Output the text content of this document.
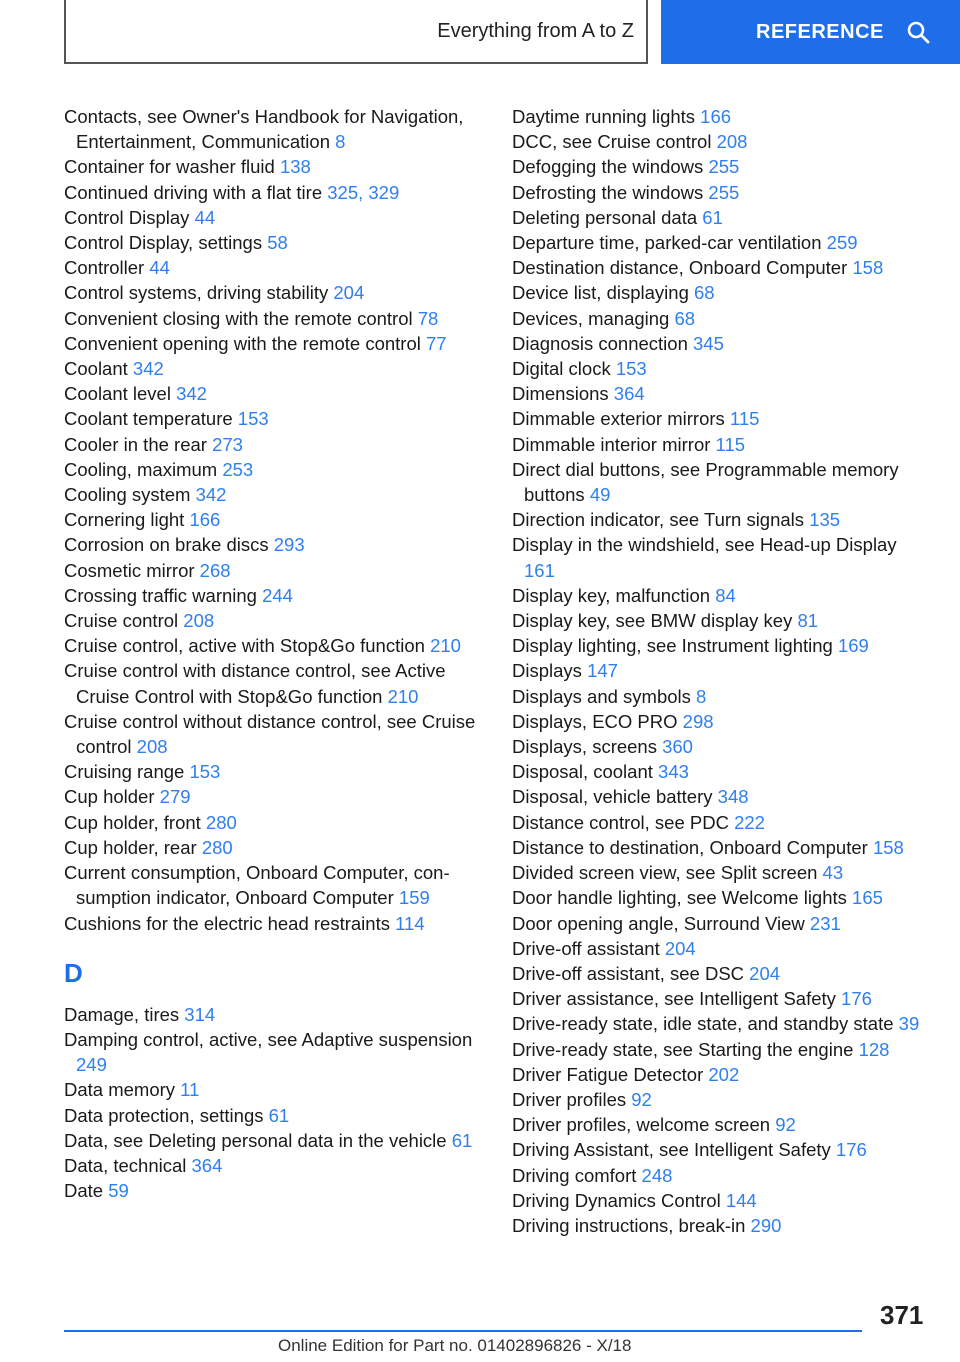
Everything from A to Z	REFERENCE
Contacts, see Owner's Handbook for Navigation, Entertainment, Communication 8
Container for washer fluid 138
Continued driving with a flat tire 325, 329
Control Display 44
Control Display, settings 58
Controller 44
Control systems, driving stability 204
Convenient closing with the remote control 78
Convenient opening with the remote control 77
Coolant 342
Coolant level 342
Coolant temperature 153
Cooler in the rear 273
Cooling, maximum 253
Cooling system 342
Cornering light 166
Corrosion on brake discs 293
Cosmetic mirror 268
Crossing traffic warning 244
Cruise control 208
Cruise control, active with Stop&Go function 210
Cruise control with distance control, see Active Cruise Control with Stop&Go function 210
Cruise control without distance control, see Cruise control 208
Cruising range 153
Cup holder 279
Cup holder, front 280
Cup holder, rear 280
Current consumption, Onboard Computer, consumption indicator, Onboard Computer 159
Cushions for the electric head restraints 114
D
Damage, tires 314
Damping control, active, see Adaptive suspension 249
Data memory 11
Data protection, settings 61
Data, see Deleting personal data in the vehicle 61
Data, technical 364
Date 59
Daytime running lights 166
DCC, see Cruise control 208
Defogging the windows 255
Defrosting the windows 255
Deleting personal data 61
Departure time, parked-car ventilation 259
Destination distance, Onboard Computer 158
Device list, displaying 68
Devices, managing 68
Diagnosis connection 345
Digital clock 153
Dimensions 364
Dimmable exterior mirrors 115
Dimmable interior mirror 115
Direct dial buttons, see Programmable memory buttons 49
Direction indicator, see Turn signals 135
Display in the windshield, see Head-up Display 161
Display key, malfunction 84
Display key, see BMW display key 81
Display lighting, see Instrument lighting 169
Displays 147
Displays and symbols 8
Displays, ECO PRO 298
Displays, screens 360
Disposal, coolant 343
Disposal, vehicle battery 348
Distance control, see PDC 222
Distance to destination, Onboard Computer 158
Divided screen view, see Split screen 43
Door handle lighting, see Welcome lights 165
Door opening angle, Surround View 231
Drive-off assistant 204
Drive-off assistant, see DSC 204
Driver assistance, see Intelligent Safety 176
Drive-ready state, idle state, and standby state 39
Drive-ready state, see Starting the engine 128
Driver Fatigue Detector 202
Driver profiles 92
Driver profiles, welcome screen 92
Driving Assistant, see Intelligent Safety 176
Driving comfort 248
Driving Dynamics Control 144
Driving instructions, break-in 290
371
Online Edition for Part no. 01402896826 - X/18
